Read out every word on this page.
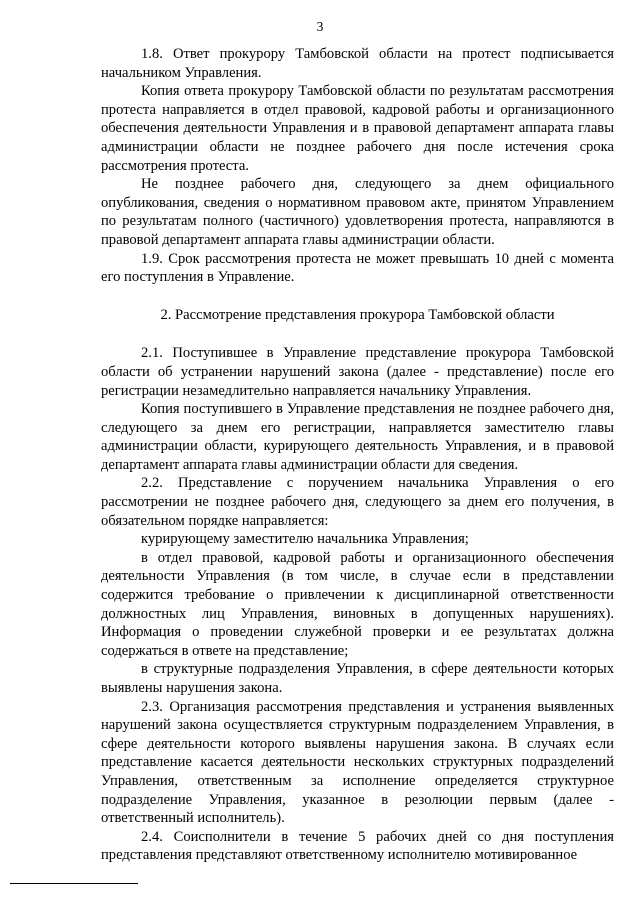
3

1.8. Ответ прокурору Тамбовской области на протест подписывается начальником Управления.

Копия ответа прокурору Тамбовской области по результатам рассмотрения протеста направляется в отдел правовой, кадровой работы и организационного обеспечения деятельности Управления и в правовой департамент аппарата главы администрации области не позднее рабочего дня после истечения срока рассмотрения протеста.

Не позднее рабочего дня, следующего за днем официального опубликования, сведения о нормативном правовом акте, принятом Управлением по результатам полного (частичного) удовлетворения протеста, направляются в правовой департамент аппарата главы администрации области.

1.9. Срок рассмотрения протеста не может превышать 10 дней с момента его поступления в Управление.

2. Рассмотрение представления прокурора Тамбовской области

2.1. Поступившее в Управление представление прокурора Тамбовской области об устранении нарушений закона (далее - представление) после его регистрации незамедлительно направляется начальнику Управления.

Копия поступившего в Управление представления не позднее рабочего дня, следующего за днем его регистрации, направляется заместителю главы администрации области, курирующего деятельность Управления, и в правовой департамент аппарата главы администрации области для сведения.

2.2. Представление с поручением начальника Управления о его рассмотрении не позднее рабочего дня, следующего за днем его получения, в обязательном порядке направляется:

курирующему заместителю начальника Управления;

в отдел правовой, кадровой работы и организационного обеспечения деятельности Управления (в том числе, в случае если в представлении содержится требование о привлечении к дисциплинарной ответственности должностных лиц Управления, виновных в допущенных нарушениях). Информация о проведении служебной проверки и ее результатах должна содержаться в ответе на представление;

в структурные подразделения Управления, в сфере деятельности которых выявлены нарушения закона.

2.3. Организация рассмотрения представления и устранения выявленных нарушений закона осуществляется структурным подразделением Управления, в сфере деятельности которого выявлены нарушения закона. В случаях если представление касается деятельности нескольких структурных подразделений Управления, ответственным за исполнение определяется структурное подразделение Управления, указанное в резолюции первым (далее - ответственный исполнитель).

2.4. Соисполнители в течение 5 рабочих дней со дня поступления представления представляют ответственному исполнителю мотивированное
